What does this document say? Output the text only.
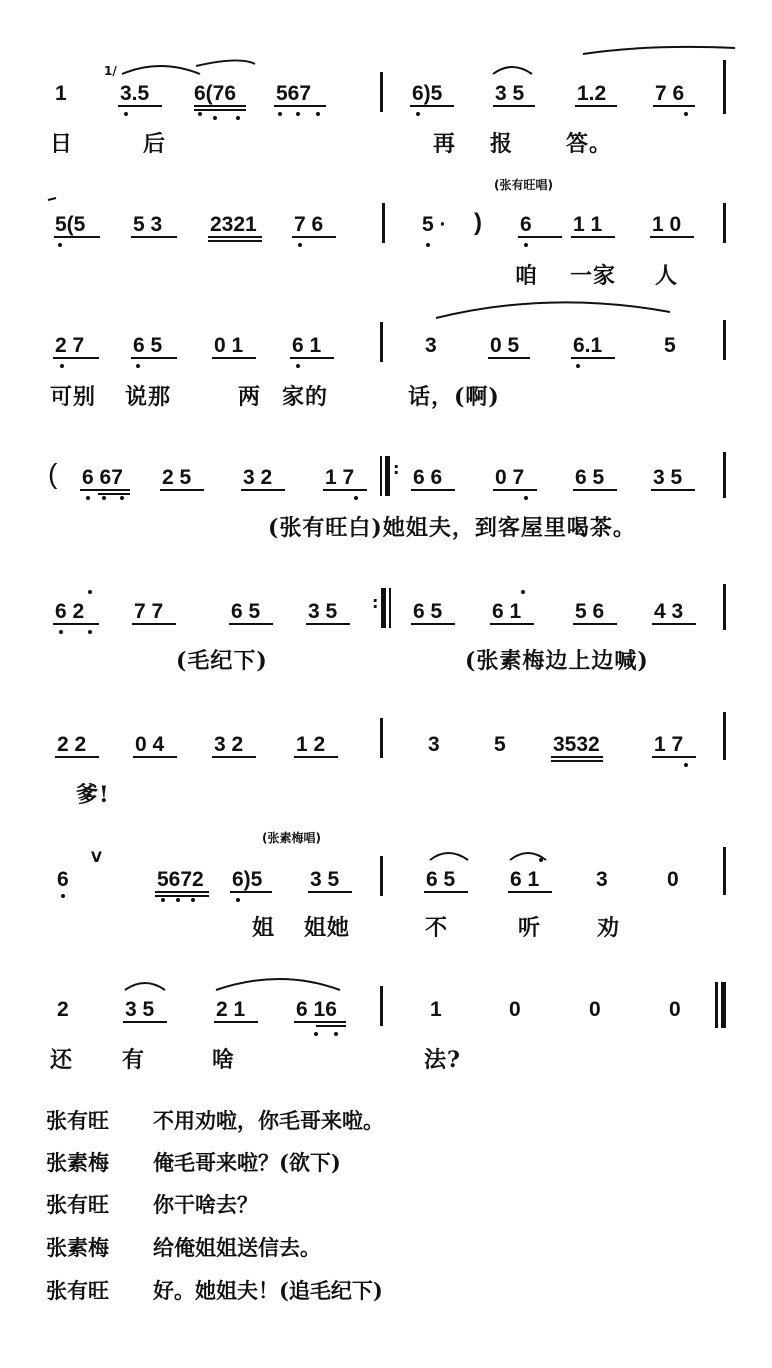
1
1/
3.5 6(76 567	6)5	3 5	1.2 7 6
日	后	再 报 答。
(张有旺唱)
5(5 5 3 2321 7 6	5 · ) 6 1 1 1 0
咱 一家 人
2 7 6 5 0 1 6 1	3	0 5	6.1	5
可别 说那	两 家的	话，(啊)
( 6 67 2 5 3 2	1 7 : 6 6	0 7 6 5 3 5
(张有旺白)她姐夫，到客屋里喝茶。
6 2 7 7	6 5 3 5 : 6 5 6 1	5 6 4 3
(毛纪下)	(张素梅边上边喊)
2 2 0 4 3 2	1 2	3	5 3532	1 7
爹!
(张素梅唱)
6
V
5672 6)5 3 5	6 5	6 1	3	0
姐 姐她	不	听	劝
2	3 5	2 1 6 16	1	0	0	0
还 有	啥	法?
张有旺 不用劝啦，你毛哥来啦。
张素梅 俺毛哥来啦？(欲下)
张有旺 你干啥去？
张素梅 给俺姐姐送信去。
张有旺 好。她姐夫！(追毛纪下)
